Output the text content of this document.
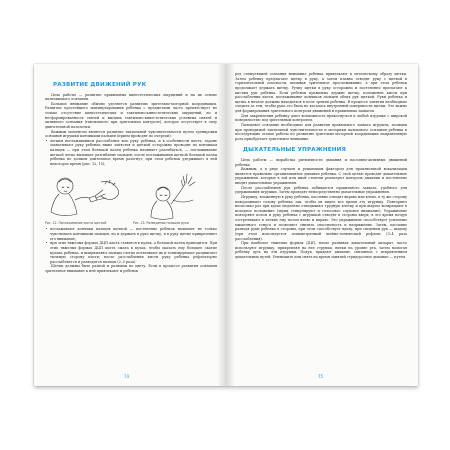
РАЗВИТИЕ ДВИЖЕНИЙ РУК

Цель работы — развитие правильных кинестетических ощущений и на их основе пальчикового осязания.

Большое внимание обычно уделяется развитию зрительно-моторной координации. Развитие простейшего манипулирования ребенка с предметами часто препятствует не только отсутствие кинестетических и тактильно-кинестетических ощущений, но и несформированность связей и высших тактильно-кинестетических условных связей и активного осязания (тактильного при зрительном контроле), которое отсутствует в силу двигательной патологии.

Важным моментом является развитие тактильной чувствительности путем тренировки осязания игрушки кончиками пальцев (прием проводят по очереди):

• легким поглаживанием расслабляют всю руку ребенка, и в особенности кисть; ладонь захватывают руку ребенка ниже запястья и щеткой осторожно проводят по кончикам пальцев — при этом большой палец ребенка начинает разгибаться, — поглаживание щеткой легко вызывает разгибание пальцев; после поглаживания щеткой большой палец ребенка не должен длительное время разогнут, при этом ребенок удерживает в ней некоторое время (рис. 12, 15);
Рис. 12. Поглаживание кисти щеткой	Рис. 13. Разведение пальцев руки
• поглаживают кончики пальцев щеткой — постепенно ребенок начинает не только чувствовать кончиками пальцев, но и держать в руке щетку, и в руку щетке прикрепляют его внимание;
• при этих тяжелых формах ДЦП кисть ставится в кулак, а большой палец приводится. При этих тяжелых формах ДЦП кисть сжата в кулак, чтобы оказать ему большее скатие кулака ребенка, и выпрямляют пальцы слегка потягивают их и тонизирующее раздвигают тыльную сторону кисти; после расслабления кисти руку ребенка рефлекторно расслабляется и разводится пальцы (2–3 раза).

Щетки должны быть разной и разными по цвету. Если в процессе развития осязания зрительное внимание к ней привлекают и ребенок

74

ред стимуляцией осязания внимание ребенка привлекают к оптическому образу щетки. Затем ребенку предлагают щетку в руку, а затем плавно отводят руку с щеткой в горизонтальной плоскости, вызывая зрительное прослеживание, а при этом ребенок продолжает держать щетку. Ручку щетки в руку осторожно и постепенно прилагают к кистям рук ребенка. Если ребенок правильно держит щетку, положение кисти при расслаблении кисти, поглаживание кончиков пальцев обеих рук щеткой. Руки ребенка и щетка в начале должны находиться в поле зрения ребенка. В процессе занятия необходимо следить за тем, чтобы рука его была не касалась внутренней поверхности щетки. Это важно для формирования зрительного контроля движений и правильных захватов.

Для закрепления ребенку дают возможность прикоснуться к любой игрушке с широкой поверхностью под зрительным контролем.

Пальцевое осязание необходимо для развития правильного захвата игрушек, позиции при проводимой тактильной чувствительности и моторики пальцевого осязания ребенка в последующих этапах работы по развитию зрительно-моторной координации направленную роль приобретает зрительное внимание.

ДЫХАТЕЛЬНЫЕ УПРАЖНЕНИЯ

Цель работы — выработка ритмичности дыхания и пассивно-активных движений ребенка.

Важным, а в ряде случаев и решающим фактором для произвольной вокализации является правильно организованное дыхание ребенка. С этой целью проводят дыхательные упражнения, которые в той или иной степени реализуют контроль дыхания и постепенно вводят дыхательные упражнения.

После расслабления рук ребенка добиваются правильного захвата, удобного для удерживания игрушки. Затем проводят непосредственно дыхательные упражнения.

Игрушку, вложенную в руку ребенка, пассивно отводят вправо или влево, в ту же сторону поворачивают голову ребенка так, чтобы он видел все время эту игрушку. Повторяют несколько раз при вдохе медленно откидывают грудную клетку и при выдохе возвращают в исходное положение (звуки стимулируют и голосовое слуховое внимание). Упражнение повторяют потом и руку ребенка с игрушкой отводят в стороны вверх; в это время воздух отстреливают в легкие ему потом влево и вправо. Это упражнение способствует усилению мышечного тонуса и позволяет снизить спастичность и напряжение. Затем, пассивно разводя руки ребенка в стороны, при этом способствует вдоху, при сведении рук — выдоху (при этом используется асимметричный шейно-тонический рефлекс (3–4 раза расслабления).

При наиболее тяжелых формах ДЦП, плохо развивая дыхательный аппарат, часто используют игрушку, прикрепляя на нее струнки, нитки на уровне рта, затем помогая ребенку дуть на эти игрушки. Подув, придают дыхание, связанное с искривлением дыхательных путей. Уменьшить или снять на время занятий стридорозное дыхание — путем

75
